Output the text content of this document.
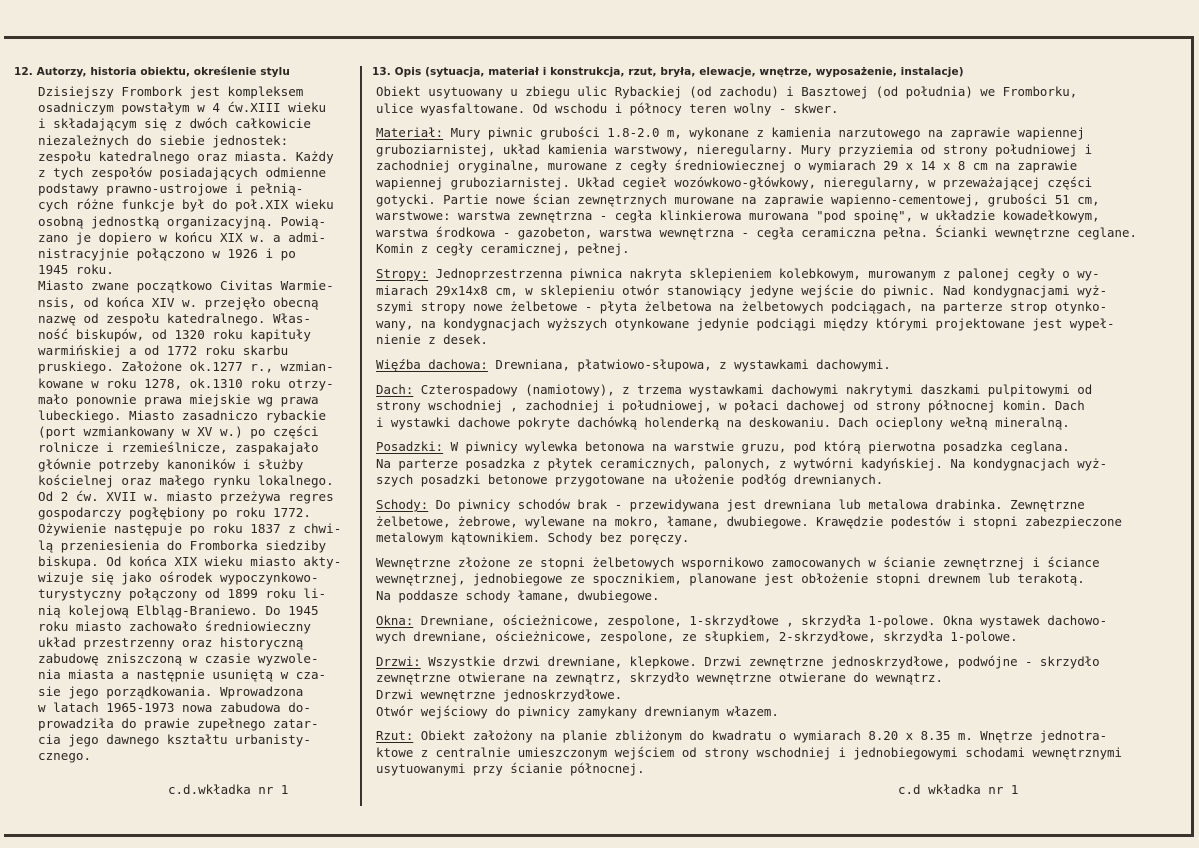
12. Autorzy, historia obiektu, określenie stylu	13. Opis (sytuacja, materiał i konstrukcja, rzut, bryła, elewacje, wnętrze, wyposażenie, instalacje)
Dzisiejszy Frombork jest kompleksem
osadniczym powstałym w 4 ćw.XIII wieku
i składającym się z dwóch całkowicie
niezależnych do siebie jednostek:
zespołu katedralnego oraz miasta. Każdy
z tych zespołów posiadających odmienne
podstawy prawno-ustrojowe i pełnią-
cych różne funkcje był do poł.XIX wieku
osobną jednostką organizacyjną. Powią-
zano je dopiero w końcu XIX w. a admi-
nistracyjnie połączono w 1926 i po
1945 roku.
Miasto zwane początkowo Civitas Warmie-
nsis, od końca XIV w. przejęło obecną
nazwę od zespołu katedralnego. Włas-
ność biskupów, od 1320 roku kapituły
warmińskiej a od 1772 roku skarbu
pruskiego. Założone ok.1277 r., wzmian-
kowane w roku 1278, ok.1310 roku otrzy-
mało ponownie prawa miejskie wg prawa
lubeckiego. Miasto zasadniczo rybackie
(port wzmiankowany w XV w.) po części
rolnicze i rzemieślnicze, zaspakajało
głównie potrzeby kanoników i służby
kościelnej oraz małego rynku lokalnego.
Od 2 ćw. XVII w. miasto przeżywa regres
gospodarczy pogłębiony po roku 1772.
Ożywienie następuje po roku 1837 z chwi-
lą przeniesienia do Fromborka siedziby
biskupa. Od końca XIX wieku miasto akty-
wizuje się jako ośrodek wypoczynkowo-
turystyczny połączony od 1899 roku li-
nią kolejową Elbląg-Braniewo. Do 1945
roku miasto zachowało średniowieczny
układ przestrzenny oraz historyczną
zabudowę zniszczoną w czasie wyzwole-
nia miasta a następnie usuniętą w cza-
sie jego porządkowania. Wprowadzona
w latach 1965-1973 nowa zabudowa do-
prowadziła do prawie zupełnego zatar-
cia jego dawnego kształtu urbanisty-
cznego.
c.d.wkładka nr 1
Obiekt usytuowany u zbiegu ulic Rybackiej (od zachodu) i Basztowej (od południa) we Fromborku,
ulice wyasfaltowane. Od wschodu i północy teren wolny - skwer.
Materiał: Mury piwnic grubości 1.8-2.0 m, wykonane z kamienia narzutowego na zaprawie wapiennej
gruboziarnistej, układ kamienia warstwowy, nieregularny. Mury przyziemia od strony południowej i
zachodniej oryginalne, murowane z cegły średniowiecznej o wymiarach 29 x 14 x 8 cm na zaprawie
wapiennej gruboziarnistej. Układ cegieł wozówkowo-główkowy, nieregularny, w przeważającej części
gotycki. Partie nowe ścian zewnętrznych murowane na zaprawie wapienno-cementowej, grubości 51 cm,
warstwowe: warstwa zewnętrzna - cegła klinkierowa murowana "pod spoinę", w układzie kowadełkowym,
warstwa środkowa - gazobeton, warstwa wewnętrzna - cegła ceramiczna pełna. Ścianki wewnętrzne ceglane.
Komin z cegły ceramicznej, pełnej.
Stropy: Jednoprzestrzenna piwnica nakryta sklepieniem kolebkowym, murowanym z palonej cegły o wy-
miarach 29x14x8 cm, w sklepieniu otwór stanowiący jedyne wejście do piwnic. Nad kondygnacjami wyż-
szymi stropy nowe żelbetowe - płyta żelbetowa na żelbetowych podciągach, na parterze strop otynko-
wany, na kondygnacjach wyższych otynkowane jedynie podciągi między którymi projektowane jest wypeł-
nienie z desek.
Więźba dachowa: Drewniana, płatwiowo-słupowa, z wystawkami dachowymi.
Dach: Czterospadowy (namiotowy), z trzema wystawkami dachowymi nakrytymi daszkami pulpitowymi od
strony wschodniej , zachodniej i południowej, w połaci dachowej od strony północnej komin. Dach
i wystawki dachowe pokryte dachówką holenderką na deskowaniu. Dach ocieplony wełną mineralną.
Posadzki: W piwnicy wylewka betonowa na warstwie gruzu, pod którą pierwotna posadzka ceglana.
Na parterze posadzka z płytek ceramicznych, palonych, z wytwórni kadyńskiej. Na kondygnacjach wyż-
szych posadzki betonowe przygotowane na ułożenie podłóg drewnianych.
Schody: Do piwnicy schodów brak - przewidywana jest drewniana lub metalowa drabinka. Zewnętrzne
żelbetowe, żebrowe, wylewane na mokro, łamane, dwubiegowe. Krawędzie podestów i stopni zabezpieczone
metalowym kątownikiem. Schody bez poręczy.
Wewnętrzne złożone ze stopni żelbetowych wspornikowo zamocowanych w ścianie zewnętrznej i ściance
wewnętrznej, jednobiegowe ze spocznikiem, planowane jest obłożenie stopni drewnem lub terakotą.
Na poddasze schody łamane, dwubiegowe.
Okna: Drewniane, ościeżnicowe, zespolone, 1-skrzydłowe , skrzydła 1-polowe. Okna wystawek dachowo-
wych drewniane, ościeżnicowe, zespolone, ze słupkiem, 2-skrzydłowe, skrzydła 1-polowe.
Drzwi: Wszystkie drzwi drewniane, klepkowe. Drzwi zewnętrzne jednoskrzydłowe, podwójne - skrzydło
zewnętrzne otwierane na zewnątrz, skrzydło wewnętrzne otwierane do wewnątrz.
Drzwi wewnętrzne jednoskrzydłowe.
Otwór wejściowy do piwnicy zamykany drewnianym włazem.
Rzut: Obiekt założony na planie zbliżonym do kwadratu o wymiarach 8.20 x 8.35 m. Wnętrze jednotra-
ktowe z centralnie umieszczonym wejściem od strony wschodniej i jednobiegowymi schodami wewnętrznymi
usytuowanymi przy ścianie północnej.
c.d wkładka nr 1
